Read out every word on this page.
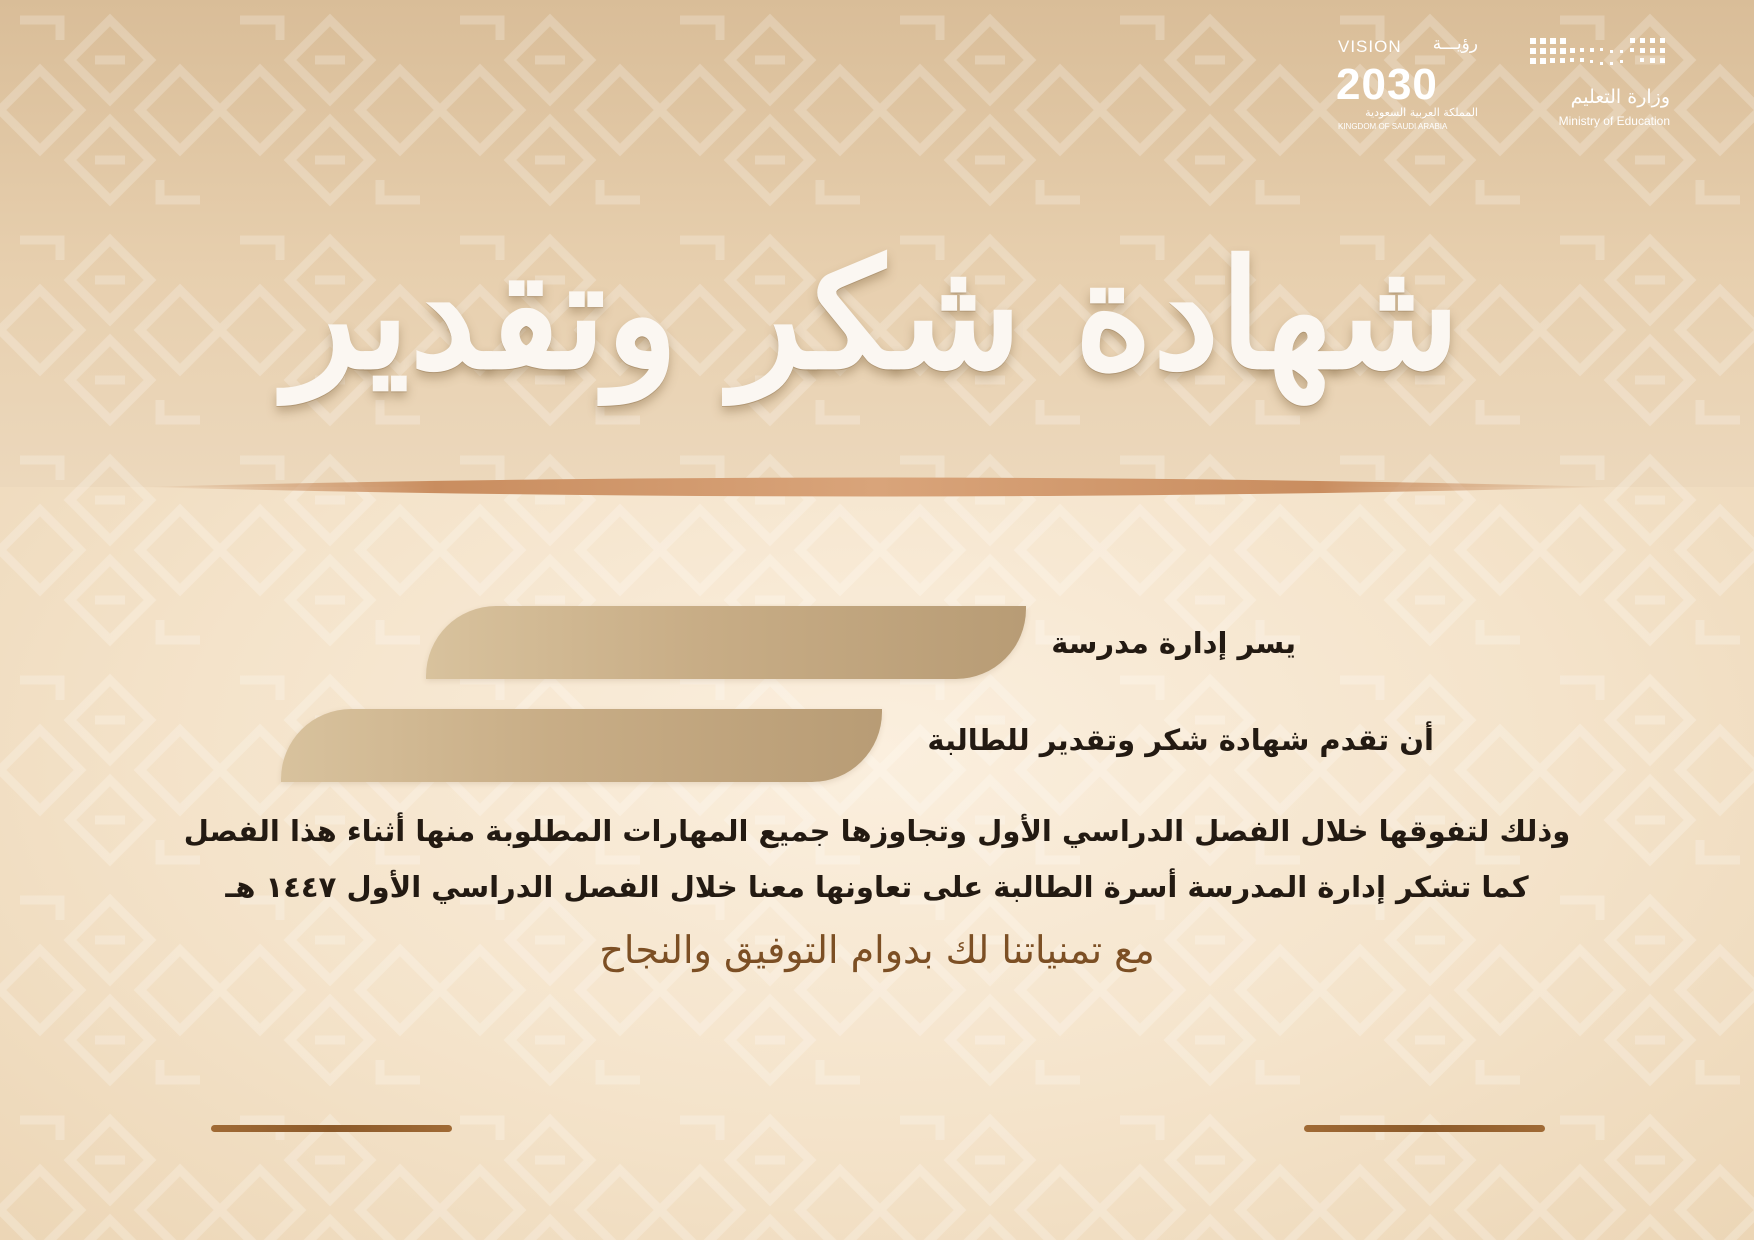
وزارة التعليم
Ministry of Education
VISION رؤيـــة
2030
المملكة العربية السعودية
KINGDOM OF SAUDI ARABIA
شهادة شكر وتقدير
يسر إدارة مدرسة
أن تقدم شهادة شكر وتقدير للطالبة
وذلك لتفوقها خلال الفصل الدراسي الأول وتجاوزها جميع المهارات المطلوبة منها أثناء هذا الفصل
كما تشكر إدارة المدرسة أسرة الطالبة على تعاونها معنا خلال الفصل الدراسي الأول ١٤٤٧ هـ
مع تمنياتنا لك بدوام التوفيق والنجاح
